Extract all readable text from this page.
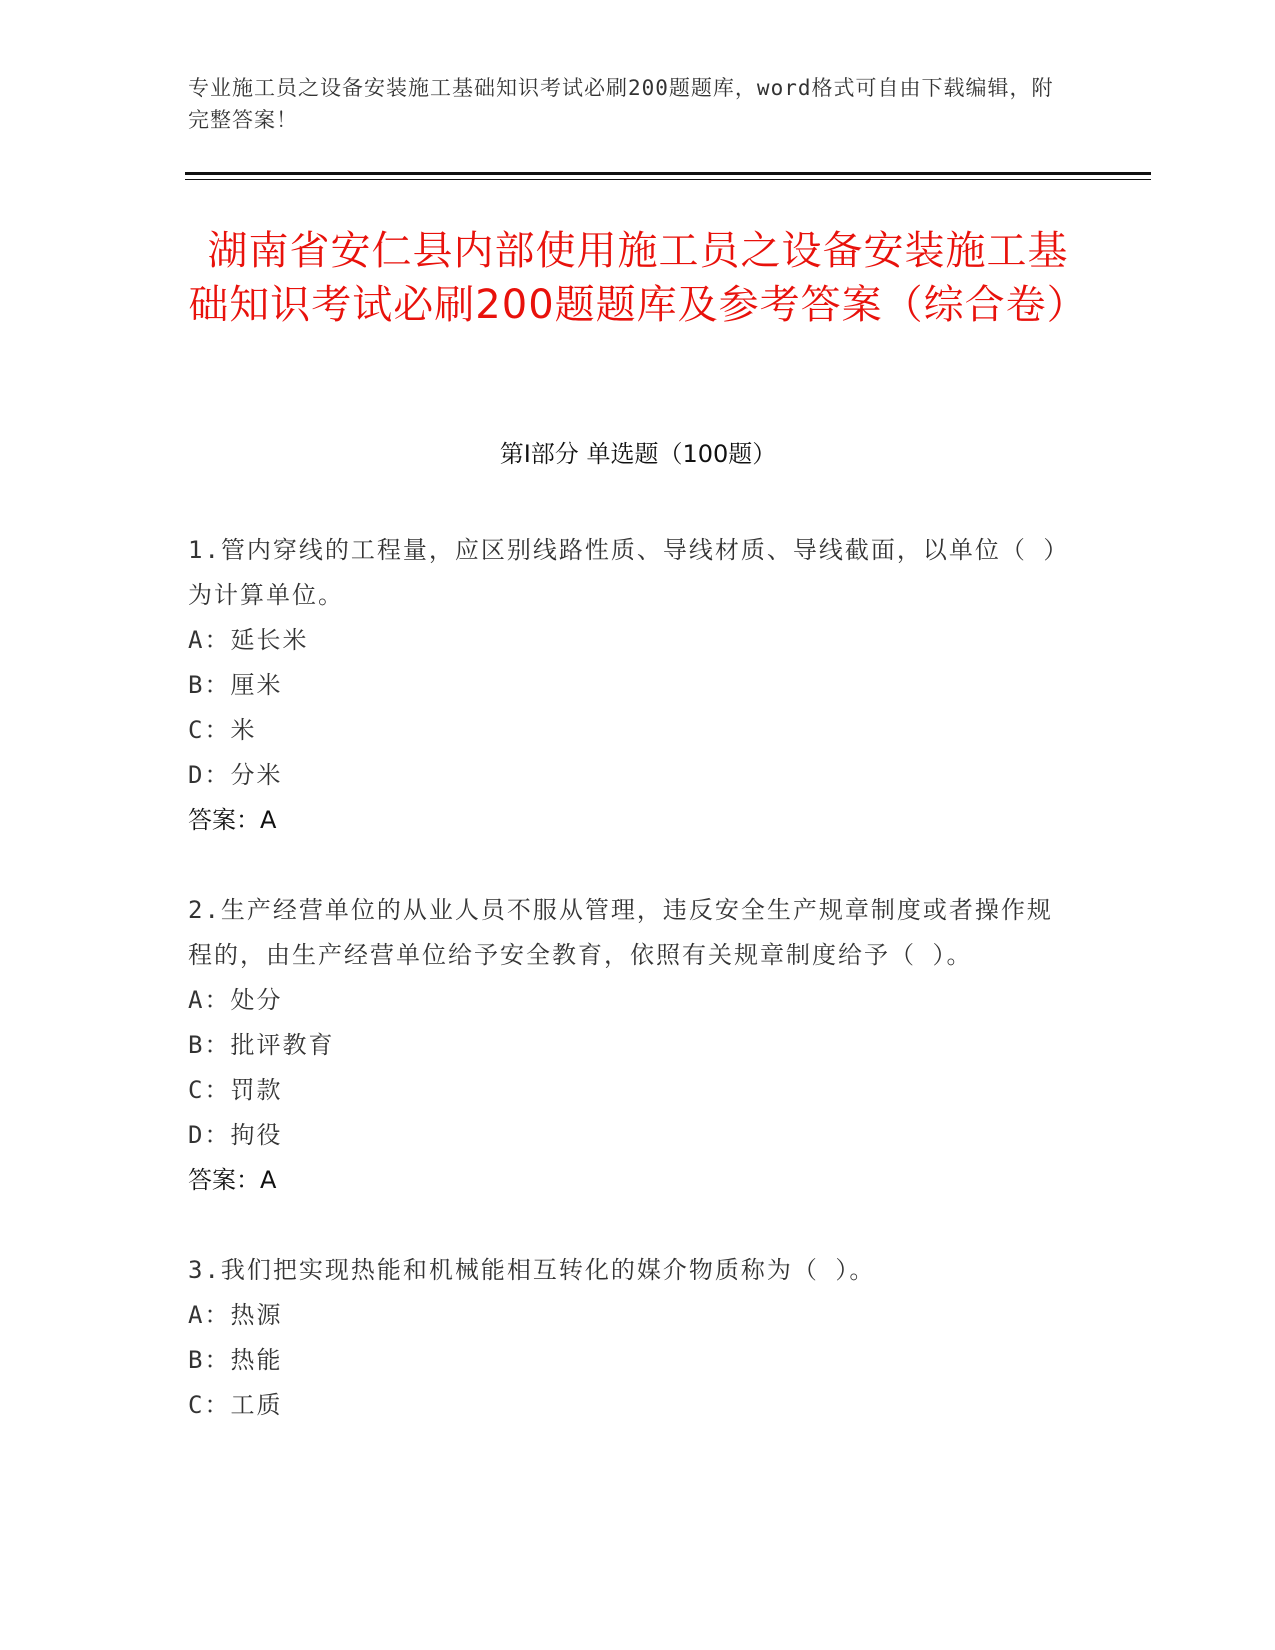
专业施工员之设备安装施工基础知识考试必刷200题题库，word格式可自由下载编辑，附完整答案！
湖南省安仁县内部使用施工员之设备安装施工基础知识考试必刷200题题库及参考答案（综合卷）
第Ⅰ部分 单选题（100题）
1.管内穿线的工程量，应区别线路性质、导线材质、导线截面，以单位（ ）为计算单位。
A：延长米
B：厘米
C：米
D：分米
答案：A
2.生产经营单位的从业人员不服从管理，违反安全生产规章制度或者操作规程的，由生产经营单位给予安全教育，依照有关规章制度给予（ ）。
A：处分
B：批评教育
C：罚款
D：拘役
答案：A
3.我们把实现热能和机械能相互转化的媒介物质称为（ ）。
A：热源
B：热能
C：工质
